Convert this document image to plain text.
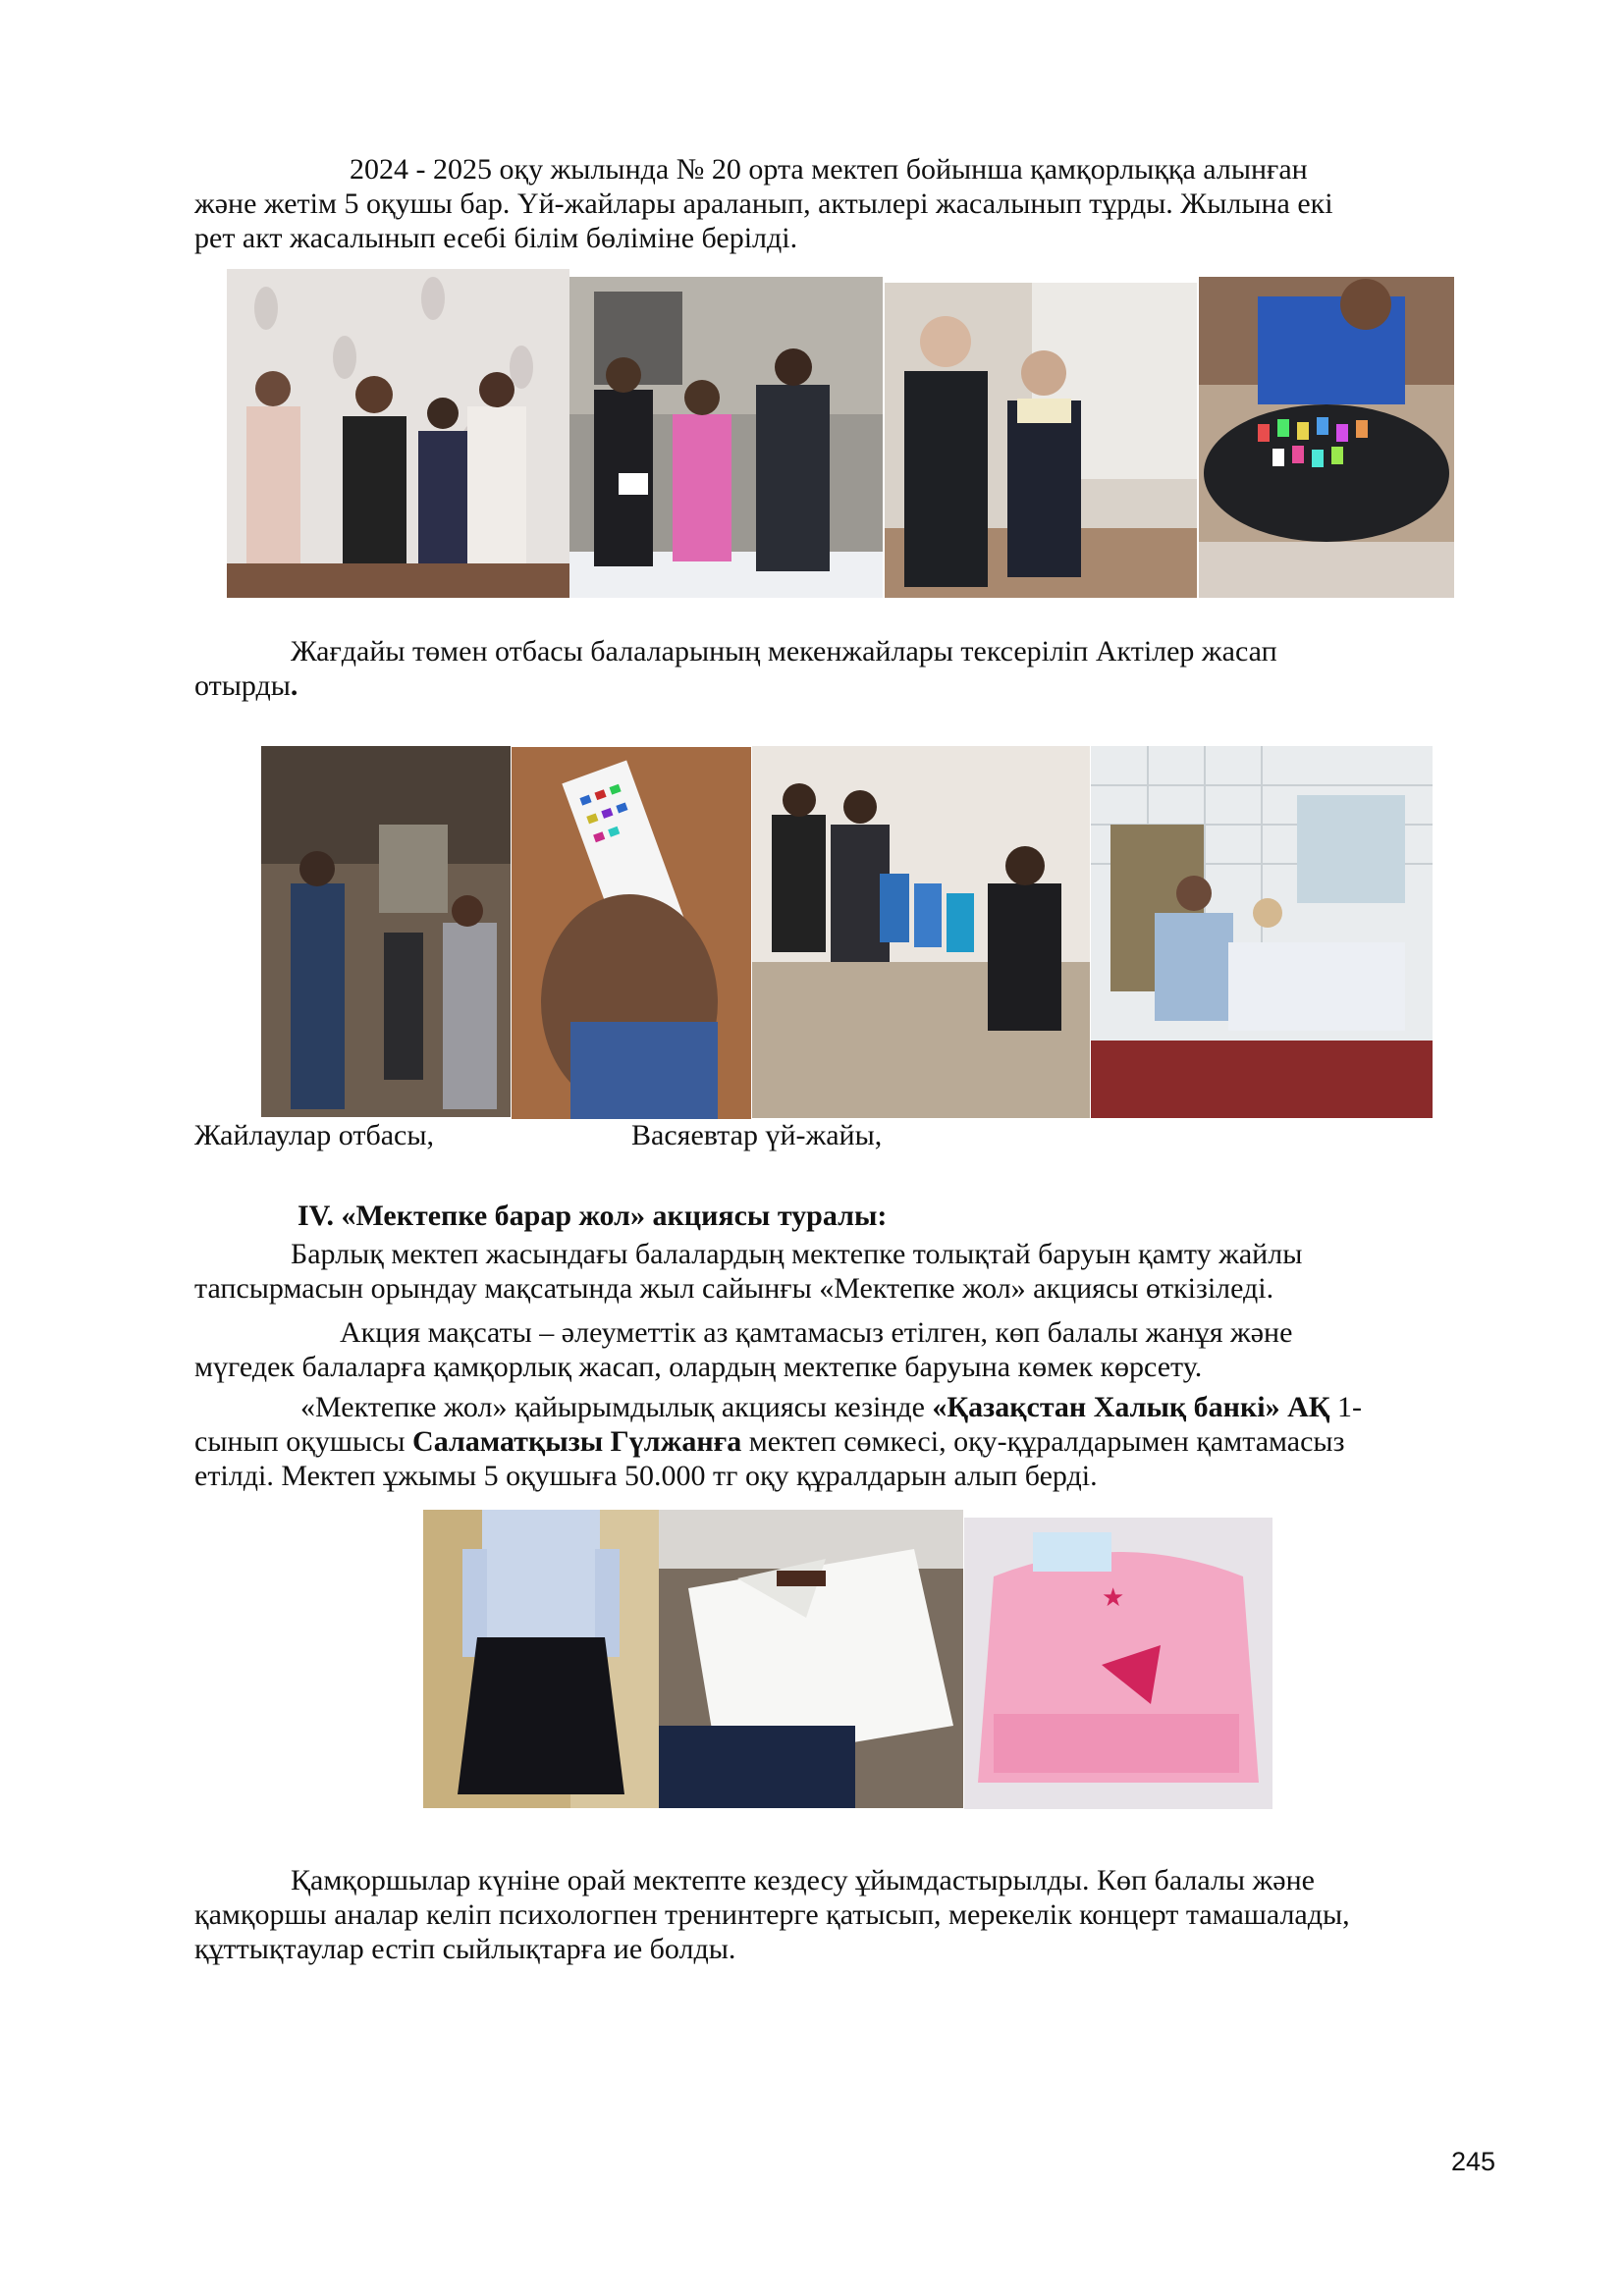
2024 - 2025 оқу жылында № 20 орта мектеп бойынша қамқорлыққа алынған
және жетім 5 оқушы бар. Үй-жайлары араланып, актылері жасалынып тұрды. Жылына екі
рет акт жасалынып есебі білім бөліміне берілді.

Жағдайы төмен отбасы балаларының мекенжайлары тексеріліп Актілер жасап
отырды.

Жайлаулар отбасы,	Васяевтар үй-жайы,
IV. «Мектепке барар жол» акциясы туралы:

Барлық мектеп жасындағы балалардың мектепке толықтай баруын қамту жайлы
тапсырмасын орындау мақсатында жыл сайынғы «Мектепке жол» акциясы өткізіледі.

Акция мақсаты – әлеуметтік аз қамтамасыз етілген, көп балалы жанұя және
мүгедек балаларға қамқорлық жасап, олардың мектепке баруына көмек көрсету.

«Мектепке жол» қайырымдылық акциясы кезінде «Қазақстан Халық банкі» АҚ 1-
сынып оқушысы Саламатқызы Гүлжанға мектеп сөмкесі, оқу-құралдарымен қамтамасыз
етілді. Мектеп ұжымы 5 оқушыға 50.000 тг оқу құралдарын алып берді.

★

Қамқоршылар күніне орай мектепте кездесу ұйымдастырылды. Көп балалы және
қамқоршы аналар келіп психологпен тренинтерге қатысып, мерекелік концерт тамашалады,
құттықтаулар естіп сыйлықтарға ие болды.

245
